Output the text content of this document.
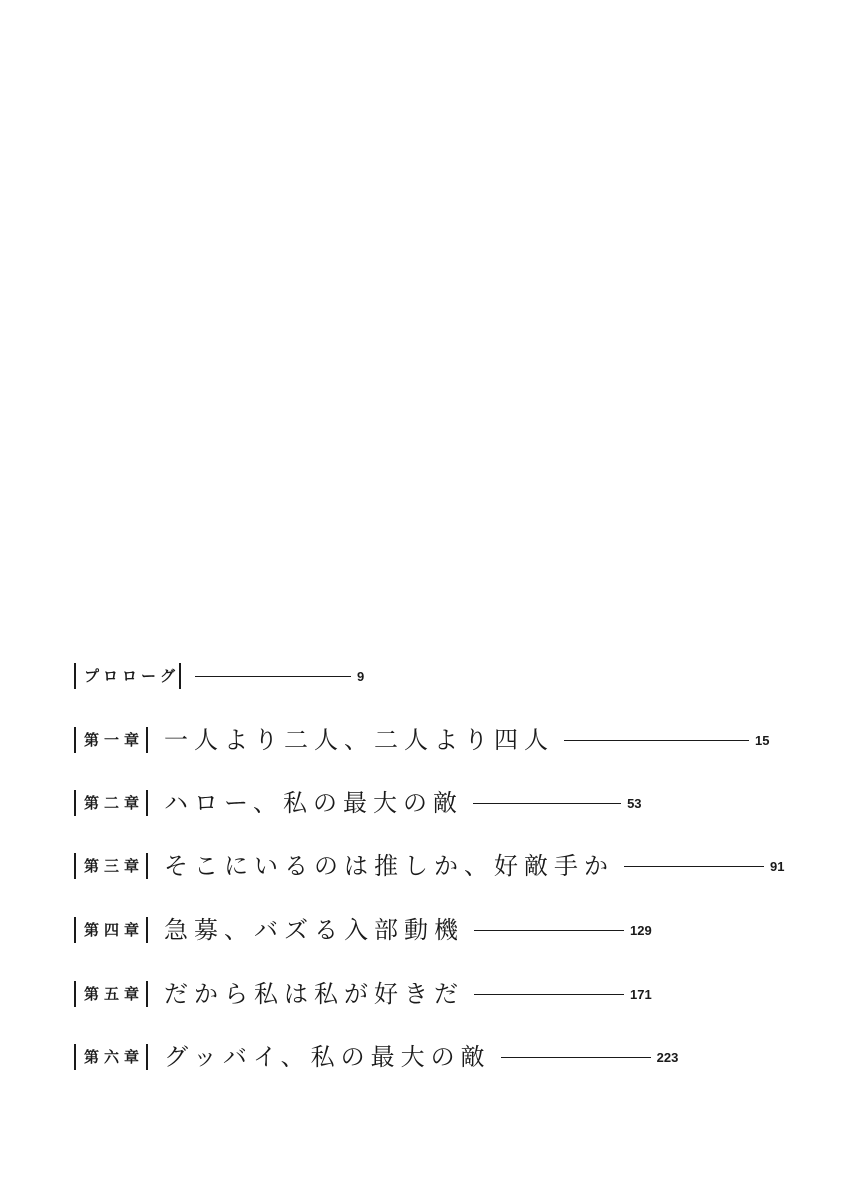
プロローグ	9
第一章 一人より二人、二人より四人	15
第二章 ハロー、私の最大の敵	53
第三章 そこにいるのは推しか、好敵手か	91
第四章 急募、バズる入部動機	129
第五章 だから私は私が好きだ	171
第六章 グッバイ、私の最大の敵	223
